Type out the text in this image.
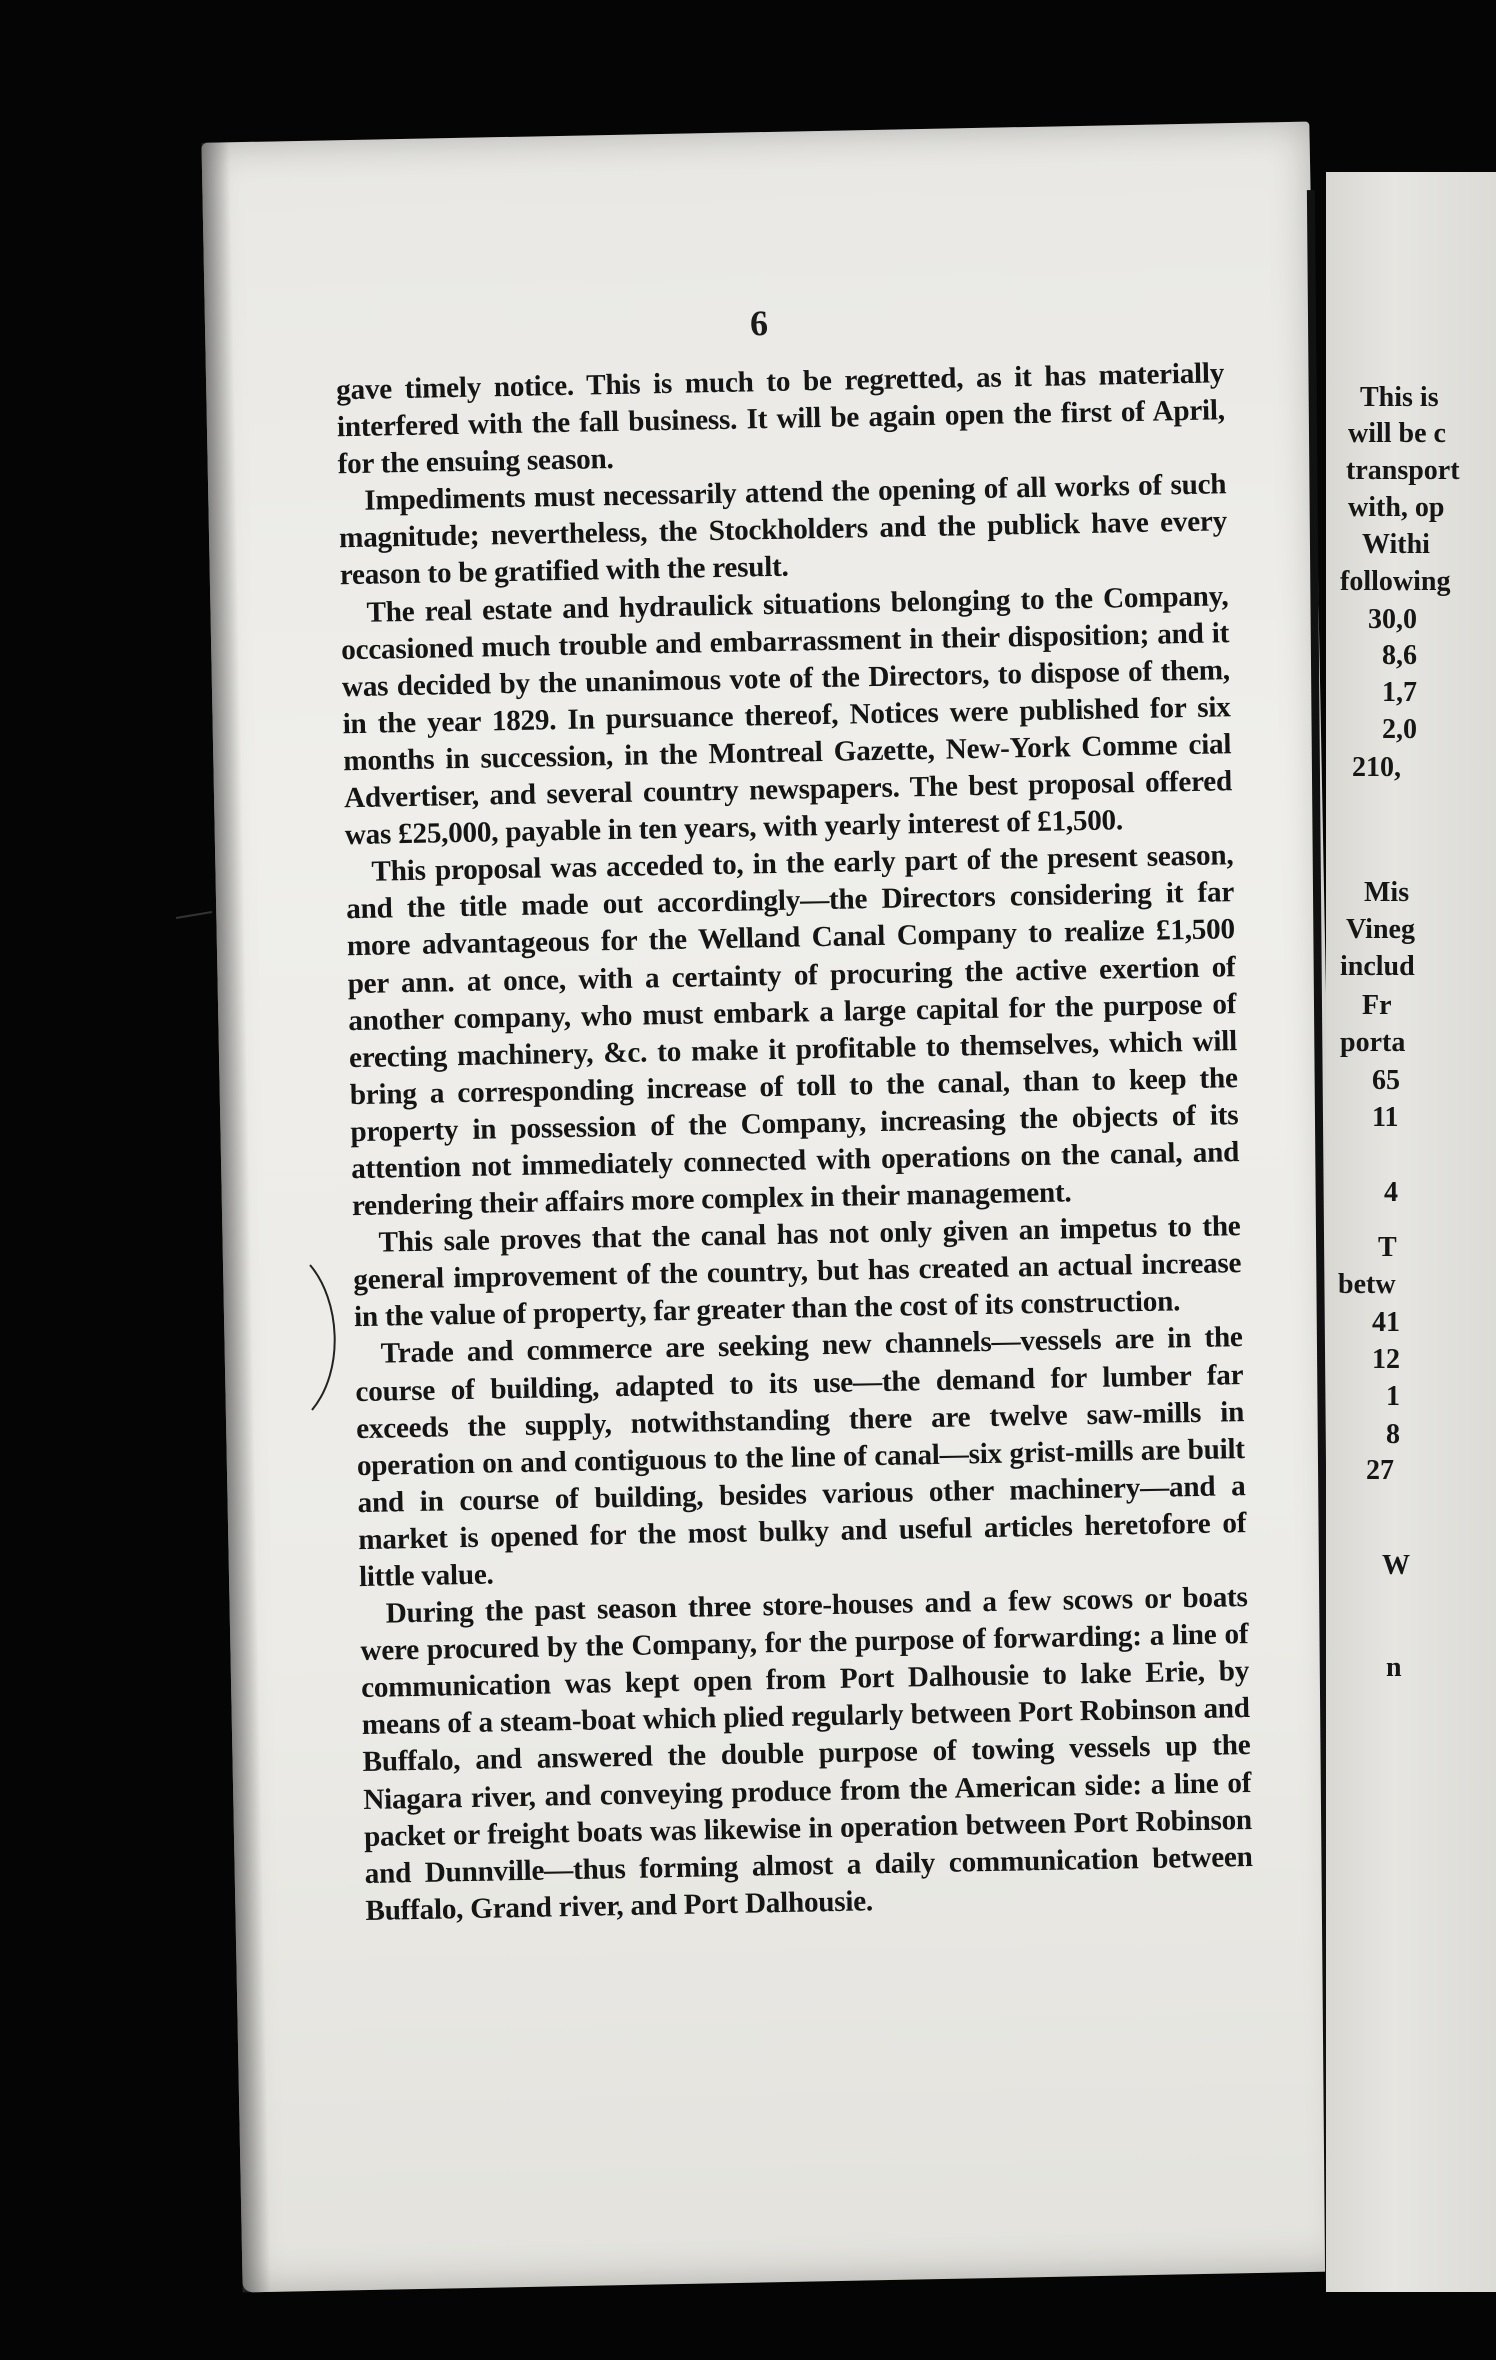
6

gave timely notice. This is much to be regretted, as it has materially interfered with the fall business. It will be again open the first of April, for the ensuing season.

Impediments must necessarily attend the opening of all works of such magnitude; nevertheless, the Stockholders and the publick have every reason to be gratified with the result.

The real estate and hydraulick situations belonging to the Company, occasioned much trouble and embarrassment in their disposition; and it was decided by the unanimous vote of the Directors, to dispose of them, in the year 1829. In pursuance thereof, Notices were published for six months in succession, in the Montreal Gazette, New-York Comme cial Advertiser, and several country newspapers. The best proposal offered was £25,000, payable in ten years, with yearly interest of £1,500.

This proposal was acceded to, in the early part of the present season, and the title made out accordingly—the Directors considering it far more advantageous for the Welland Canal Company to realize £1,500 per ann. at once, with a certainty of procuring the active exertion of another company, who must embark a large capital for the purpose of erecting machinery, &c. to make it profitable to themselves, which will bring a corresponding increase of toll to the canal, than to keep the property in possession of the Company, increasing the objects of its attention not immediately connected with operations on the canal, and rendering their affairs more complex in their management.

This sale proves that the canal has not only given an impetus to the general improvement of the country, but has created an actual increase in the value of property, far greater than the cost of its construction.

Trade and commerce are seeking new channels—vessels are in the course of building, adapted to its use—the demand for lumber far exceeds the supply, notwithstanding there are twelve saw-mills in operation on and contiguous to the line of canal—six grist-mills are built and in course of building, besides various other machinery—and a market is opened for the most bulky and useful articles heretofore of little value.

During the past season three store-houses and a few scows or boats were procured by the Company, for the purpose of forwarding: a line of communication was kept open from Port Dalhousie to lake Erie, by means of a steam-boat which plied regularly between Port Robinson and Buffalo, and answered the double purpose of towing vessels up the Niagara river, and conveying produce from the American side: a line of packet or freight boats was likewise in operation between Port Robinson and Dunnville—thus forming almost a daily communication between Buffalo, Grand river, and Port Dalhousie.

This is
will be c
transport
with, op
Withi
following
30,0
8,6
1,7
2,0
210,
Mis
Vineg
includ
Fr
porta
65
11
4
T
betw
41
12
1
8
27
W
n
